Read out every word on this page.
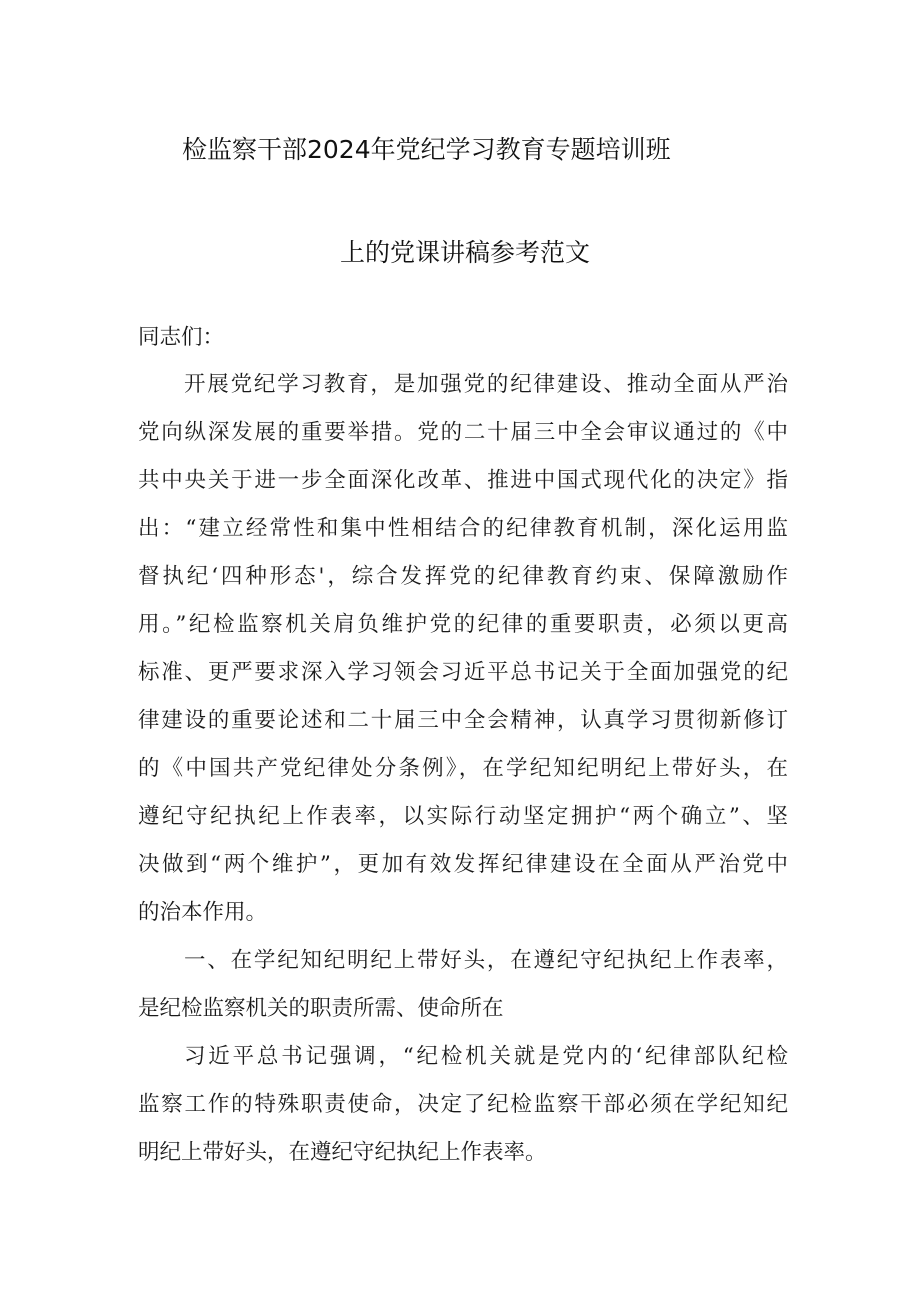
检监察干部2024年党纪学习教育专题培训班
上的党课讲稿参考范文
同志们：
开展党纪学习教育，是加强党的纪律建设、推动全面从严治
党向纵深发展的重要举措。党的二十届三中全会审议通过的《中
共中央关于进一步全面深化改革、推进中国式现代化的决定》指
出：“建立经常性和集中性相结合的纪律教育机制，深化运用监
督执纪‘四种形态'，综合发挥党的纪律教育约束、保障激励作
用。”纪检监察机关肩负维护党的纪律的重要职责，必须以更高
标准、更严要求深入学习领会习近平总书记关于全面加强党的纪
律建设的重要论述和二十届三中全会精神，认真学习贯彻新修订
的《中国共产党纪律处分条例》，在学纪知纪明纪上带好头，在
遵纪守纪执纪上作表率，以实际行动坚定拥护“两个确立”、坚
决做到“两个维护”，更加有效发挥纪律建设在全面从严治党中
的治本作用。
一、在学纪知纪明纪上带好头，在遵纪守纪执纪上作表率，
是纪检监察机关的职责所需、使命所在
习近平总书记强调，“纪检机关就是党内的‘纪律部队纪检
监察工作的特殊职责使命，决定了纪检监察干部必须在学纪知纪
明纪上带好头，在遵纪守纪执纪上作表率。
